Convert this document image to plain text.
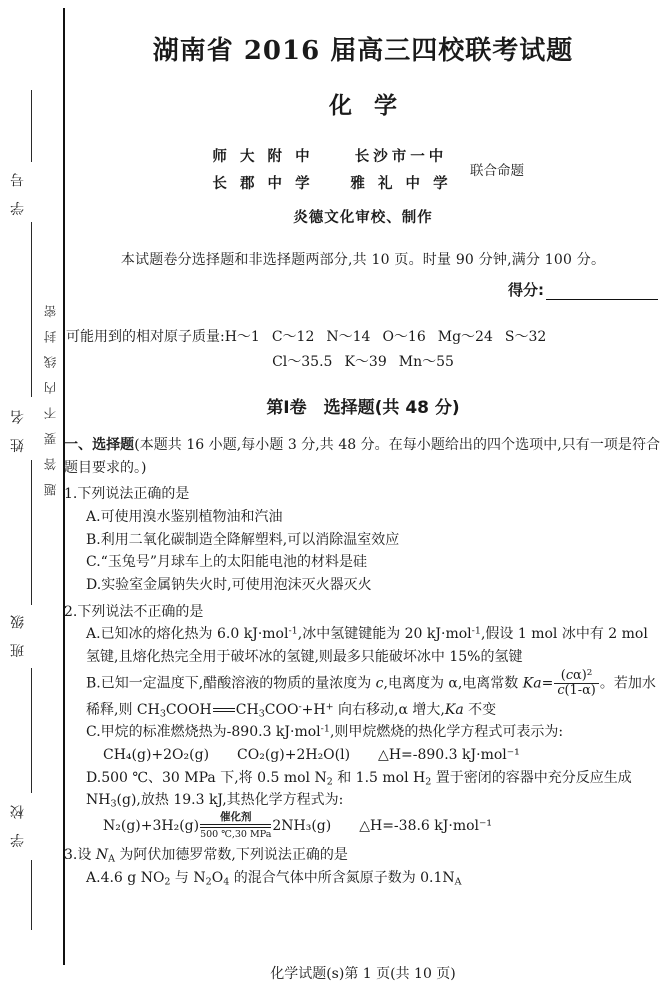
学 号
姓 名
班 级
学 校
题答要不内线封密
湖南省 2016 届高三四校联考试题
化学
师 大 附 中	长沙市一中
长 郡 中 学	雅 礼 中 学
联合命题
炎德文化审校、制作
本试题卷分选择题和非选择题两部分,共 10 页。时量 90 分钟,满分 100 分。
得分:
可能用到的相对原子质量:H～1 C～12 N～14 O～16 Mg～24 S～32
Cl～35.5 K～39 Mn～55
第Ⅰ卷　选择题(共 48 分)
一、选择题(本题共 16 小题,每小题 3 分,共 48 分。在每小题给出的四个选项中,只有一项是符合题目要求的。)
1.下列说法正确的是
A.可使用溴水鉴别植物油和汽油
B.利用二氧化碳制造全降解塑料,可以消除温室效应
C.“玉兔号”月球车上的太阳能电池的材料是硅
D.实验室金属钠失火时,可使用泡沫灭火器灭火
2.下列说法不正确的是
A.已知冰的熔化热为 6.0 kJ·mol$^{-1}$,冰中氢键键能为 20 kJ·mol$^{-1}$,假设 1 mol 冰中有 2 mol 氢键,且熔化热完全用于破坏冰的氢键,则最多只能破坏冰中 15%的氢键
B.已知一定温度下,醋酸溶液的物质的量浓度为 c,电离度为 α,电离常数 $Ka= \frac{(c\alpha)^2}{c(1-\alpha)}$ 。若加水稀释,则 $CH_3COOH$ $CH_3COO^-+H^+$ 向右移动,α 增大,Ka 不变
C.甲烷的标准燃烧热为-890.3 kJ·mol$^{-1}$,则甲烷燃烧的热化学方程式可表示为:
CH₄(g)+2O₂(g)　　CO₂(g)+2H₂O(l)　　△H=-890.3 kJ·mol⁻¹
D.500 ℃、30 MPa 下,将 0.5 mol $N_2$ 和 1.5 mol $H_2$ 置于密闭的容器中充分反应生成 $NH_3(g)$,放热 19.3 kJ,其热化学方程式为:
N₂(g)+3H₂(g)
催化剂
500 ℃,30 MPa
2NH₃(g)　　△H=-38.6 kJ·mol⁻¹
3.设 $N_A$ 为阿伏加德罗常数,下列说法正确的是
A.4.6 g $NO_2$ 与 $N_2O_4$ 的混合气体中所含氮原子数为 $0.1N_A$
化学试题(s)第 1 页(共 10 页)
